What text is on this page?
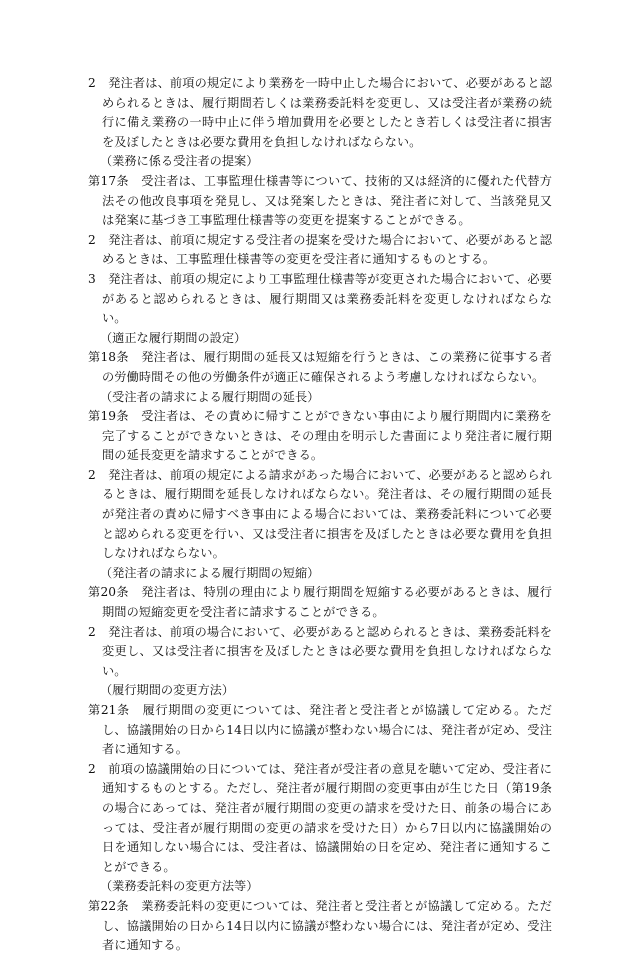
2　発注者は、前項の規定により業務を一時中止した場合において、必要があると認められるときは、履行期間若しくは業務委託料を変更し、又は受注者が業務の続行に備え業務の一時中止に伴う増加費用を必要としたとき若しくは受注者に損害を及ぼしたときは必要な費用を負担しなければならない。

（業務に係る受注者の提案）

第17条　受注者は、工事監理仕様書等について、技術的又は経済的に優れた代替方法その他改良事項を発見し、又は発案したときは、発注者に対して、当該発見又は発案に基づき工事監理仕様書等の変更を提案することができる。

2　発注者は、前項に規定する受注者の提案を受けた場合において、必要があると認めるときは、工事監理仕様書等の変更を受注者に通知するものとする。

3　発注者は、前項の規定により工事監理仕様書等が変更された場合において、必要があると認められるときは、履行期間又は業務委託料を変更しなければならない。

（適正な履行期間の設定）

第18条　発注者は、履行期間の延長又は短縮を行うときは、この業務に従事する者の労働時間その他の労働条件が適正に確保されるよう考慮しなければならない。

（受注者の請求による履行期間の延長）

第19条　受注者は、その責めに帰すことができない事由により履行期間内に業務を完了することができないときは、その理由を明示した書面により発注者に履行期間の延長変更を請求することができる。

2　発注者は、前項の規定による請求があった場合において、必要があると認められるときは、履行期間を延長しなければならない。発注者は、その履行期間の延長が発注者の責めに帰すべき事由による場合においては、業務委託料について必要と認められる変更を行い、又は受注者に損害を及ぼしたときは必要な費用を負担しなければならない。

（発注者の請求による履行期間の短縮）

第20条　発注者は、特別の理由により履行期間を短縮する必要があるときは、履行期間の短縮変更を受注者に請求することができる。

2　発注者は、前項の場合において、必要があると認められるときは、業務委託料を変更し、又は受注者に損害を及ぼしたときは必要な費用を負担しなければならない。

（履行期間の変更方法）

第21条　履行期間の変更については、発注者と受注者とが協議して定める。ただし、協議開始の日から14日以内に協議が整わない場合には、発注者が定め、受注者に通知する。

2　前項の協議開始の日については、発注者が受注者の意見を聴いて定め、受注者に通知するものとする。ただし、発注者が履行期間の変更事由が生じた日（第19条の場合にあっては、発注者が履行期間の変更の請求を受けた日、前条の場合にあっては、受注者が履行期間の変更の請求を受けた日）から7日以内に協議開始の日を通知しない場合には、受注者は、協議開始の日を定め、発注者に通知することができる。

（業務委託料の変更方法等）

第22条　業務委託料の変更については、発注者と受注者とが協議して定める。ただし、協議開始の日から14日以内に協議が整わない場合には、発注者が定め、受注者に通知する。
